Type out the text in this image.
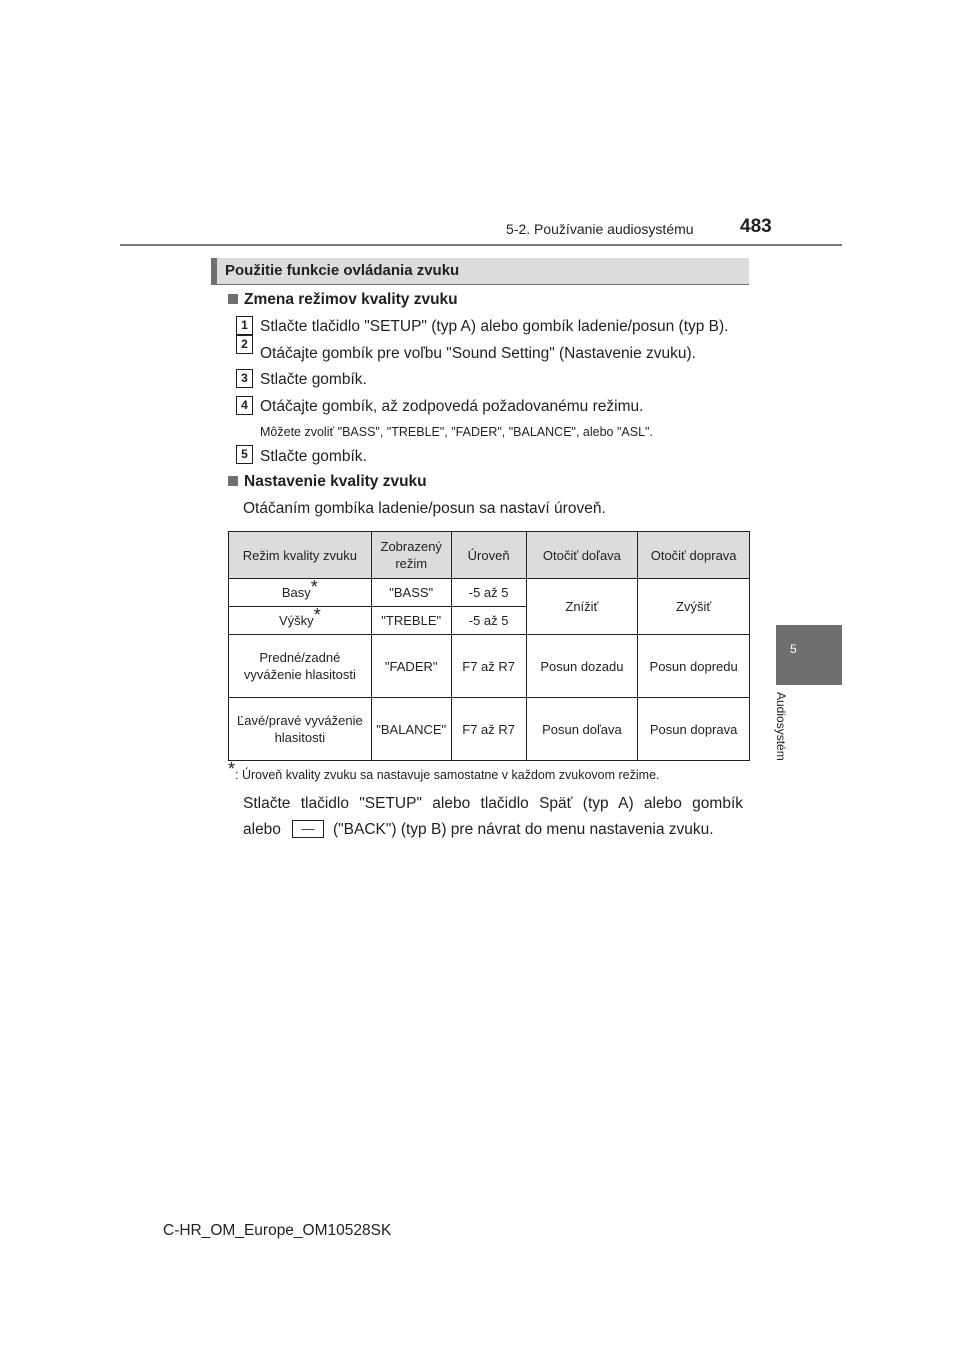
5-2. Používanie audiosystému 483
5
Audiosystém
Použitie funkcie ovládania zvuku
Zmena režimov kvality zvuku
1 Stlačte tlačidlo "SETUP" (typ A) alebo gombík ladenie/posun (typ B).
2
Otáčajte gombík pre voľbu "Sound Setting" (Nastavenie zvuku).
3 Stlačte gombík.
4 Otáčajte gombík, až zodpovedá požadovanému režimu.
Môžete zvoliť "BASS", "TREBLE", "FADER", "BALANCE", alebo "ASL".
5 Stlačte gombík.
Nastavenie kvality zvuku
Otáčaním gombíka ladenie/posun sa nastaví úroveň.
Režim kvality zvuku	Zobrazený režim	Úroveň	Otočiť doľava	Otočiť doprava
Basy*	"BASS"	-5 až 5	Znížiť	Zvýšiť
Výšky*	"TREBLE"	-5 až 5		
Predné/zadné vyváženie hlasitosti	"FADER"	F7 až R7	Posun dozadu	Posun dopredu
Ľavé/pravé vyváženie hlasitosti	"BALANCE"	F7 až R7	Posun doľava	Posun doprava
*: Úroveň kvality zvuku sa nastavuje samostatne v každom zvukovom režime.
Stlačte tlačidlo "SETUP" alebo tlačidlo Späť (typ A) alebo gombík
alebo	—	("BACK") (typ B) pre návrat do menu nastavenia zvuku.
C-HR_OM_Europe_OM10528SK
